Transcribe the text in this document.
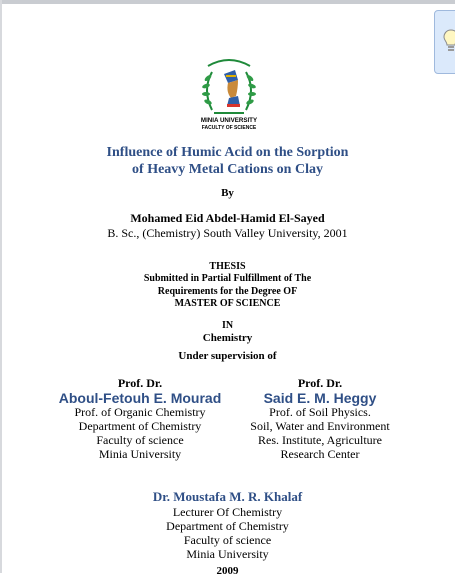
MINIA UNIVERSITY
FACULTY OF SCIENCE
Influence of Humic Acid on the Sorption
of Heavy Metal Cations on Clay
By
Mohamed Eid Abdel-Hamid El-Sayed
B. Sc., (Chemistry) South Valley University, 2001
THESIS
Submitted in Partial Fulfillment of The
Requirements for the Degree OF
MASTER OF SCIENCE
IN
Chemistry
Under supervision of
Prof. Dr.
Aboul-Fetouh E. Mourad
Prof. of Organic Chemistry
Department of Chemistry
Faculty of science
Minia University
Prof. Dr.
Said E. M. Heggy
Prof. of Soil Physics.
Soil, Water and Environment
Res. Institute, Agriculture
Research Center
Dr. Moustafa M. R. Khalaf
Lecturer Of Chemistry
Department of Chemistry
Faculty of science
Minia University
2009
